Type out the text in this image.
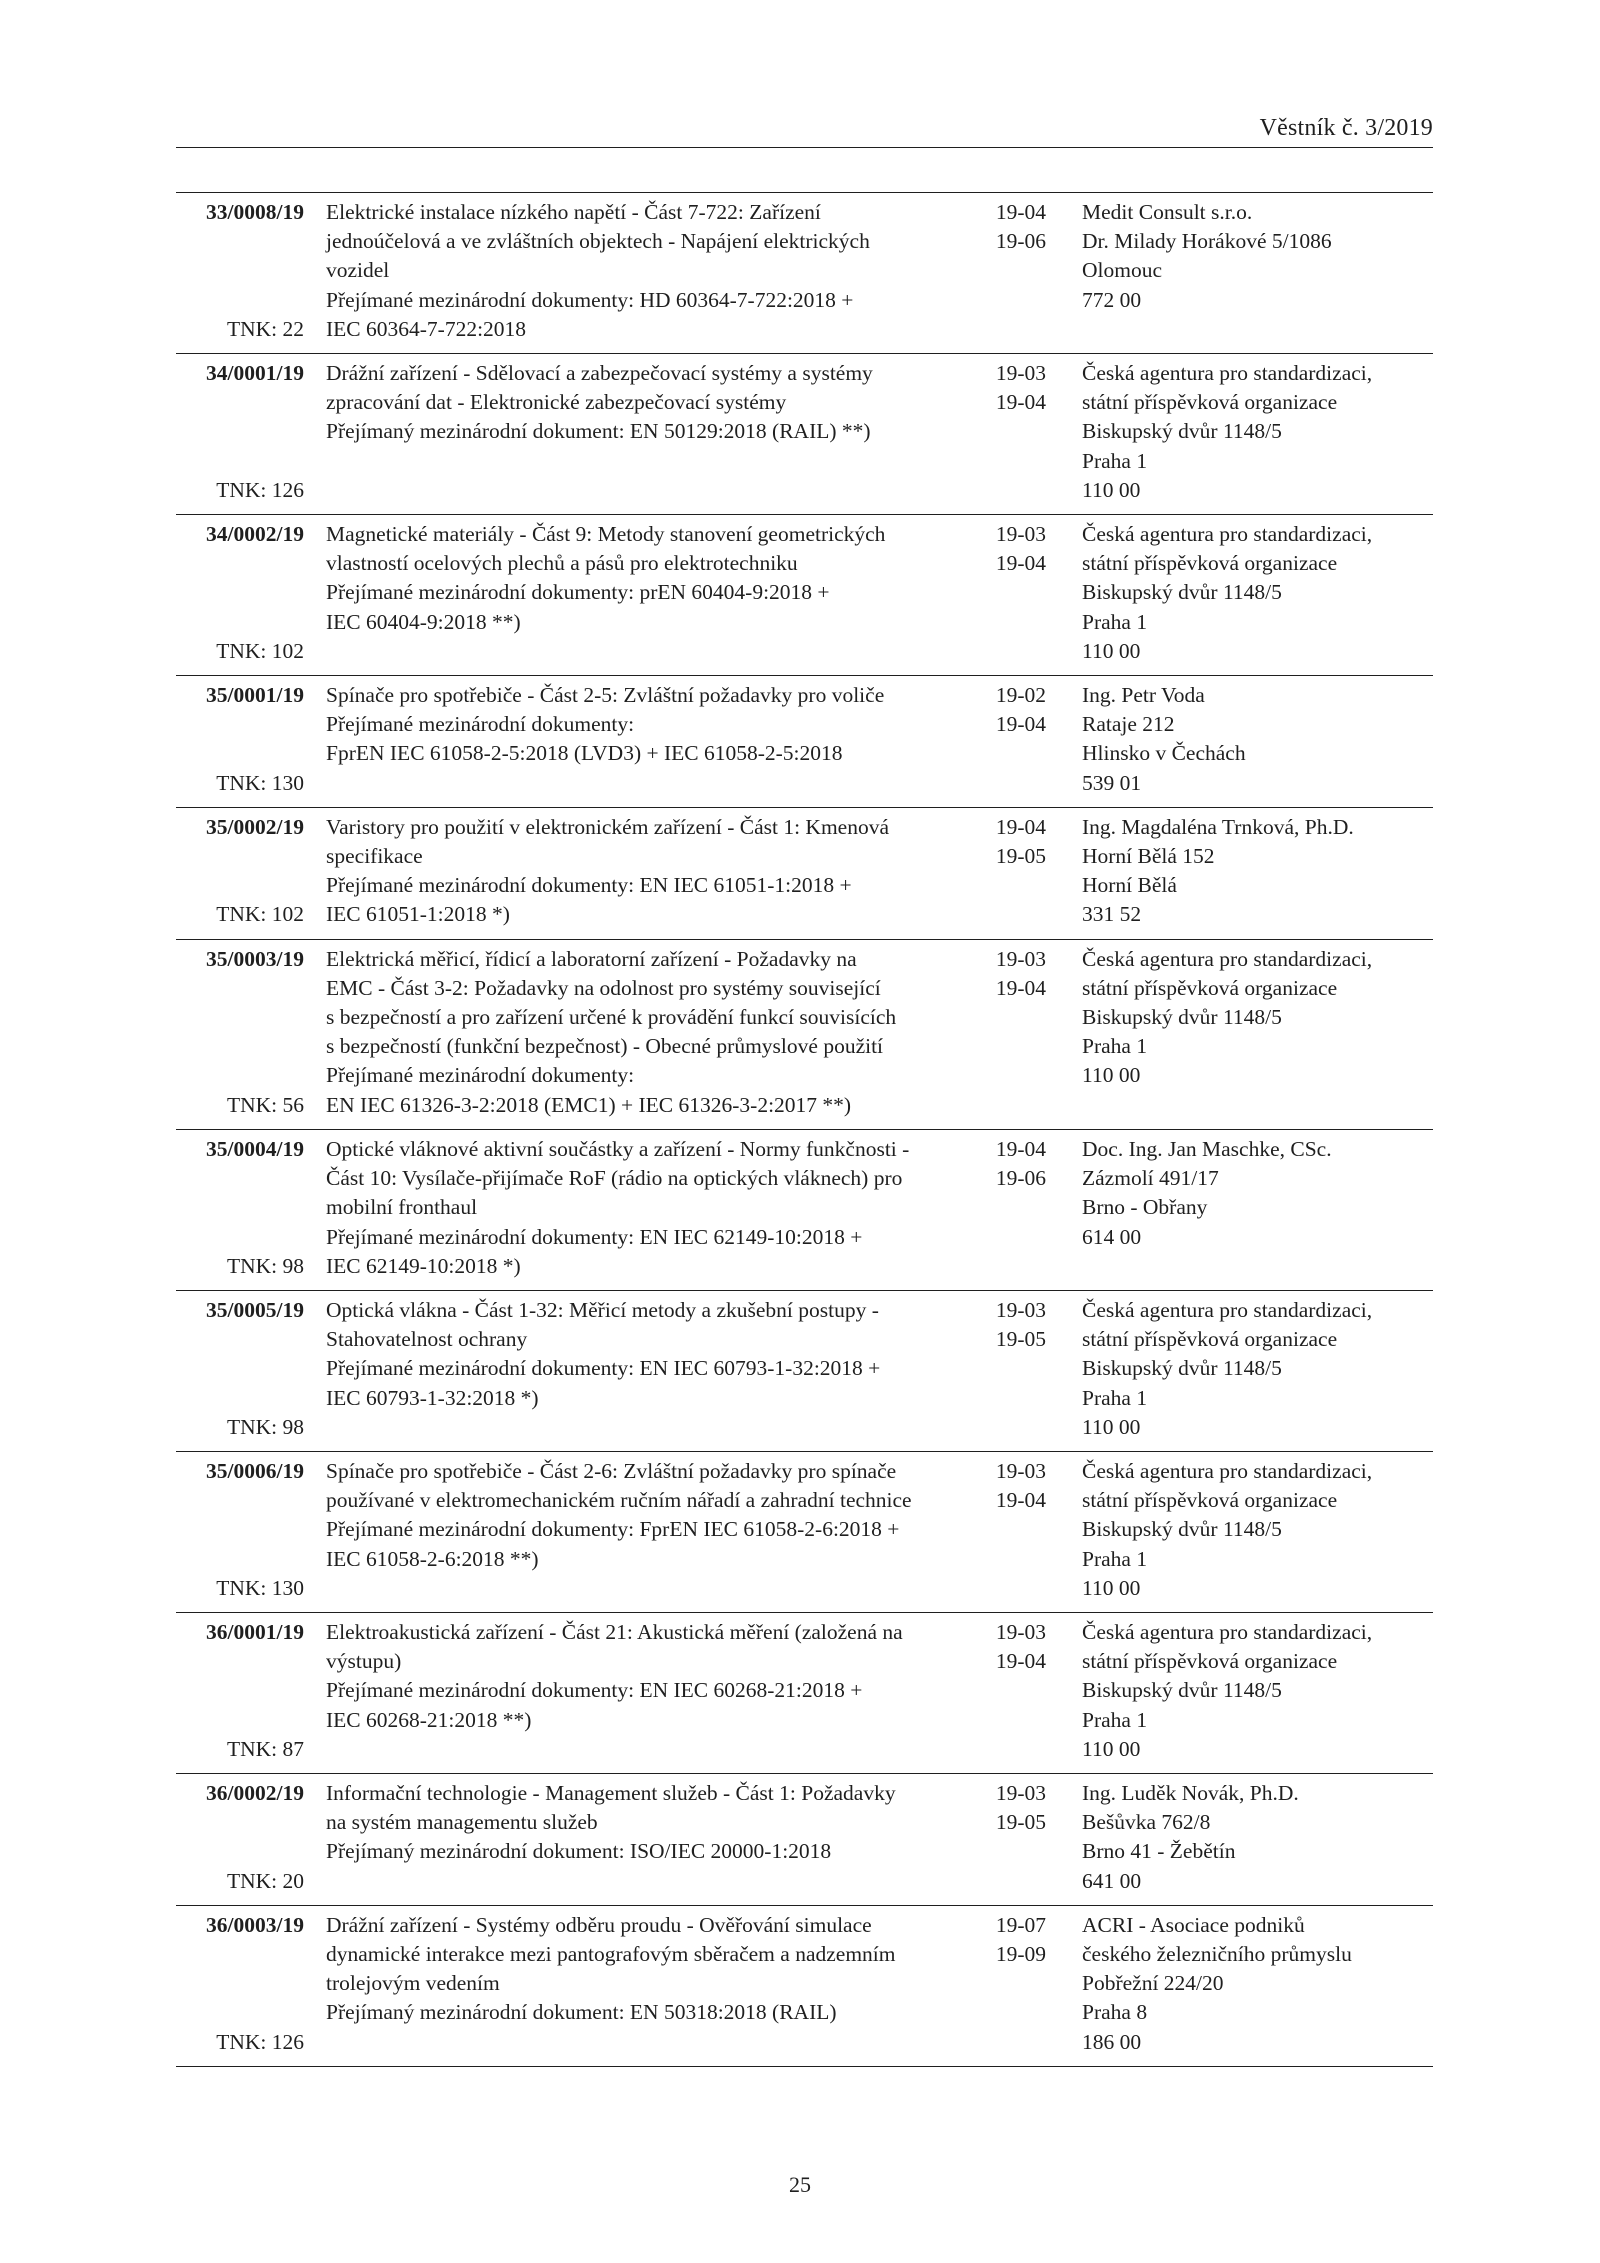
Věstník č. 3/2019
33/0008/19
TNK: 22
Elektrické instalace nízkého napětí - Část 7-722: Zařízení
jednoúčelová a ve zvláštních objektech - Napájení elektrických
vozidel
Přejímané mezinárodní dokumenty: HD 60364-7-722:2018 +
IEC 60364-7-722:2018
19-04
19-06
Medit Consult s.r.o.
Dr. Milady Horákové 5/1086
Olomouc
772 00
34/0001/19
TNK: 126
Drážní zařízení - Sdělovací a zabezpečovací systémy a systémy
zpracování dat - Elektronické zabezpečovací systémy
Přejímaný mezinárodní dokument: EN 50129:2018 (RAIL) **)
19-03
19-04
Česká agentura pro standardizaci,
státní příspěvková organizace
Biskupský dvůr 1148/5
Praha 1
110 00
34/0002/19
TNK: 102
Magnetické materiály - Část 9: Metody stanovení geometrických
vlastností ocelových plechů a pásů pro elektrotechniku
Přejímané mezinárodní dokumenty: prEN 60404-9:2018 +
IEC 60404-9:2018 **)
19-03
19-04
Česká agentura pro standardizaci,
státní příspěvková organizace
Biskupský dvůr 1148/5
Praha 1
110 00
35/0001/19
TNK: 130
Spínače pro spotřebiče - Část 2-5: Zvláštní požadavky pro voliče
Přejímané mezinárodní dokumenty:
FprEN IEC 61058-2-5:2018 (LVD3) + IEC 61058-2-5:2018
19-02
19-04
Ing. Petr Voda
Rataje 212
Hlinsko v Čechách
539 01
35/0002/19
TNK: 102
Varistory pro použití v elektronickém zařízení - Část 1: Kmenová
specifikace
Přejímané mezinárodní dokumenty: EN IEC 61051-1:2018 +
IEC 61051-1:2018 *)
19-04
19-05
Ing. Magdaléna Trnková, Ph.D.
Horní Bělá 152
Horní Bělá
331 52
35/0003/19
TNK: 56
Elektrická měřicí, řídicí a laboratorní zařízení - Požadavky na
EMC - Část 3-2: Požadavky na odolnost pro systémy související
s bezpečností a pro zařízení určené k provádění funkcí souvisících
s bezpečností (funkční bezpečnost) - Obecné průmyslové použití
Přejímané mezinárodní dokumenty:
EN IEC 61326-3-2:2018 (EMC1) + IEC 61326-3-2:2017 **)
19-03
19-04
Česká agentura pro standardizaci,
státní příspěvková organizace
Biskupský dvůr 1148/5
Praha 1
110 00
35/0004/19
TNK: 98
Optické vláknové aktivní součástky a zařízení - Normy funkčnosti -
Část 10: Vysílače-přijímače RoF (rádio na optických vláknech) pro
mobilní fronthaul
Přejímané mezinárodní dokumenty: EN IEC 62149-10:2018 +
IEC 62149-10:2018 *)
19-04
19-06
Doc. Ing. Jan Maschke, CSc.
Zázmolí 491/17
Brno - Obřany
614 00
35/0005/19
TNK: 98
Optická vlákna - Část 1-32: Měřicí metody a zkušební postupy -
Stahovatelnost ochrany
Přejímané mezinárodní dokumenty: EN IEC 60793-1-32:2018 +
IEC 60793-1-32:2018 *)
19-03
19-05
Česká agentura pro standardizaci,
státní příspěvková organizace
Biskupský dvůr 1148/5
Praha 1
110 00
35/0006/19
TNK: 130
Spínače pro spotřebiče - Část 2-6: Zvláštní požadavky pro spínače
používané v elektromechanickém ručním nářadí a zahradní technice
Přejímané mezinárodní dokumenty: FprEN IEC 61058-2-6:2018 +
IEC 61058-2-6:2018 **)
19-03
19-04
Česká agentura pro standardizaci,
státní příspěvková organizace
Biskupský dvůr 1148/5
Praha 1
110 00
36/0001/19
TNK: 87
Elektroakustická zařízení - Část 21: Akustická měření (založená na
výstupu)
Přejímané mezinárodní dokumenty: EN IEC 60268-21:2018 +
IEC 60268-21:2018 **)
19-03
19-04
Česká agentura pro standardizaci,
státní příspěvková organizace
Biskupský dvůr 1148/5
Praha 1
110 00
36/0002/19
TNK: 20
Informační technologie - Management služeb - Část 1: Požadavky
na systém managementu služeb
Přejímaný mezinárodní dokument: ISO/IEC 20000-1:2018
19-03
19-05
Ing. Luděk Novák, Ph.D.
Bešůvka 762/8
Brno 41 - Žebětín
641 00
36/0003/19
TNK: 126
Drážní zařízení - Systémy odběru proudu - Ověřování simulace
dynamické interakce mezi pantografovým sběračem a nadzemním
trolejovým vedením
Přejímaný mezinárodní dokument: EN 50318:2018 (RAIL)
19-07
19-09
ACRI - Asociace podniků
českého železničního průmyslu
Pobřežní 224/20
Praha 8
186 00
25
